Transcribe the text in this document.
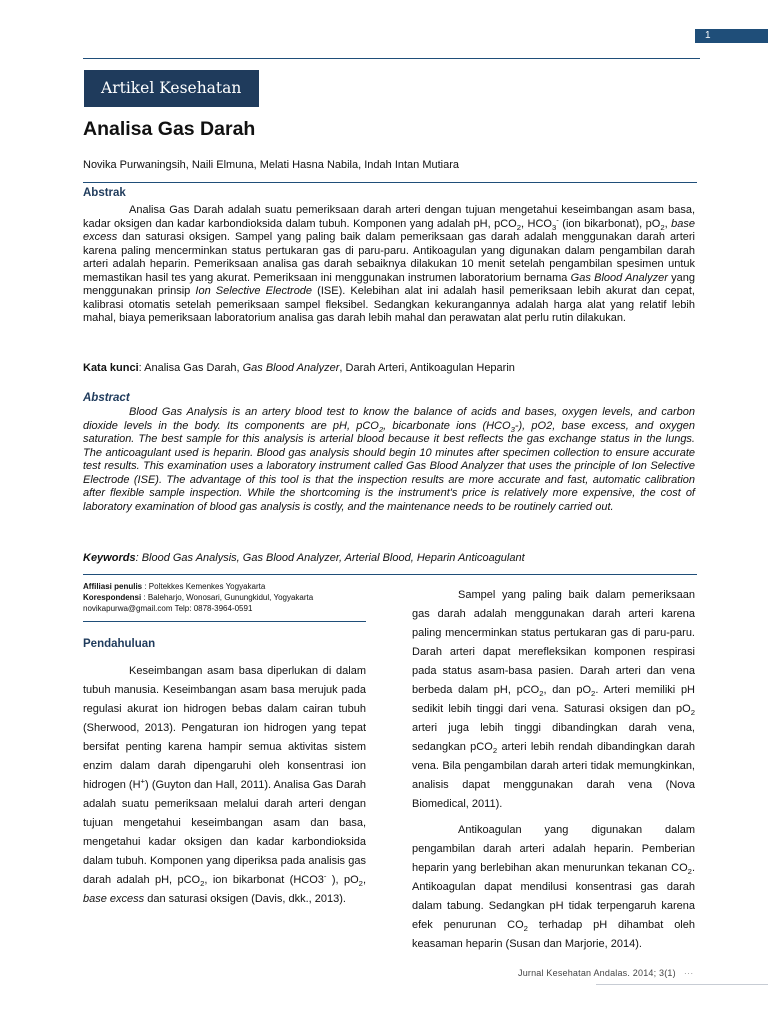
1
Artikel Kesehatan
Analisa Gas Darah
Novika Purwaningsih, Naili Elmuna, Melati Hasna Nabila, Indah Intan Mutiara
Abstrak

Analisa Gas Darah adalah suatu pemeriksaan darah arteri dengan tujuan mengetahui keseimbangan asam basa, kadar oksigen dan kadar karbondioksida dalam tubuh. Komponen yang adalah pH, pCO$_2$, $HCO_3^-$ (ion bikarbonat), $pO_2$, base excess dan saturasi oksigen. Sampel yang paling baik dalam pemeriksaan gas darah adalah menggunakan darah arteri karena paling mencerminkan status pertukaran gas di paru-paru. Antikoagulan yang digunakan dalam pengambilan darah arteri adalah heparin. Pemeriksaan analisa gas darah sebaiknya dilakukan 10 menit setelah pengambilan spesimen untuk memastikan hasil tes yang akurat. Pemeriksaan ini menggunakan instrumen laboratorium bernama Gas Blood Analyzer yang menggunakan prinsip Ion Selective Electrode (ISE). Kelebihan alat ini adalah hasil pemeriksaan lebih akurat dan cepat, kalibrasi otomatis setelah pemeriksaan sampel fleksibel. Sedangkan kekurangannya adalah harga alat yang relatif lebih mahal, biaya pemeriksaan laboratorium analisa gas darah lebih mahal dan perawatan alat perlu rutin dilakukan.

Kata kunci: Analisa Gas Darah, Gas Blood Analyzer, Darah Arteri, Antikoagulan Heparin
Abstract

Blood Gas Analysis is an artery blood test to know the balance of acids and bases, oxygen levels, and carbon dioxide levels in the body. Its components are pH, pCO$_2$, bicarbonate ions $(HCO_3-)$, pO2, base excess, and oxygen saturation. The best sample for this analysis is arterial blood because it best reflects the gas exchange status in the lungs. The anticoagulant used is heparin. Blood gas analysis should begin 10 minutes after specimen collection to ensure accurate test results. This examination uses a laboratory instrument called Gas Blood Analyzer that uses the principle of Ion Selective Electrode (ISE). The advantage of this tool is that the inspection results are more accurate and fast, automatic calibration after flexible sample inspection. While the shortcoming is the instrument's price is relatively more expensive, the cost of laboratory examination of blood gas analysis is costly, and the maintenance needs to be routinely carried out.

Keywords: Blood Gas Analysis, Gas Blood Analyzer, Arterial Blood, Heparin Anticoagulant
Affiliasi penulis : Poltekkes Kemenkes Yogyakarta
Korespondensi : Baleharjo, Wonosari, Gunungkidul, Yogyakarta
novikapurwa@gmail.com Telp: 0878-3964-0591
Pendahuluan

Keseimbangan asam basa diperlukan di dalam tubuh manusia. Keseimbangan asam basa merujuk pada regulasi akurat ion hidrogen bebas dalam cairan tubuh (Sherwood, 2013). Pengaturan ion hidrogen yang tepat bersifat penting karena hampir semua aktivitas sistem enzim dalam darah dipengaruhi oleh konsentrasi ion hidrogen (H+) (Guyton dan Hall, 2011). Analisa Gas Darah adalah suatu pemeriksaan melalui darah arteri dengan tujuan mengetahui keseimbangan asam dan basa, mengetahui kadar oksigen dan kadar karbondioksida dalam tubuh. Komponen yang diperiksa pada analisis gas darah adalah pH, pCO$_2$, ion bikarbonat (HCO3- ), $pO_2$, base excess dan saturasi oksigen (Davis, dkk., 2013).

Sampel yang paling baik dalam pemeriksaan gas darah adalah menggunakan darah arteri karena paling mencerminkan status pertukaran gas di paru-paru. Darah arteri dapat merefleksikan komponen respirasi pada status asam-basa pasien. Darah arteri dan vena berbeda dalam pH, pCO$_2$, dan $pO_2$. Arteri memiliki pH sedikit lebih tinggi dari vena. Saturasi oksigen dan $pO_2$ arteri juga lebih tinggi dibandingkan darah vena, sedangkan pCO$_2$ arteri lebih rendah dibandingkan darah vena. Bila pengambilan darah arteri tidak memungkinkan, analisis dapat menggunakan darah vena (Nova Biomedical, 2011).

Antikoagulan yang digunakan dalam pengambilan darah arteri adalah heparin. Pemberian heparin yang berlebihan akan menurunkan tekanan $CO_2$. Antikoagulan dapat mendilusi konsentrasi gas darah dalam tabung. Sedangkan pH tidak terpengaruh karena efek penurunan $CO_2$ terhadap pH dihambat oleh keasaman heparin (Susan dan Marjorie, 2014).

Jurnal Kesehatan Andalas. 2014; 3(1) ···
